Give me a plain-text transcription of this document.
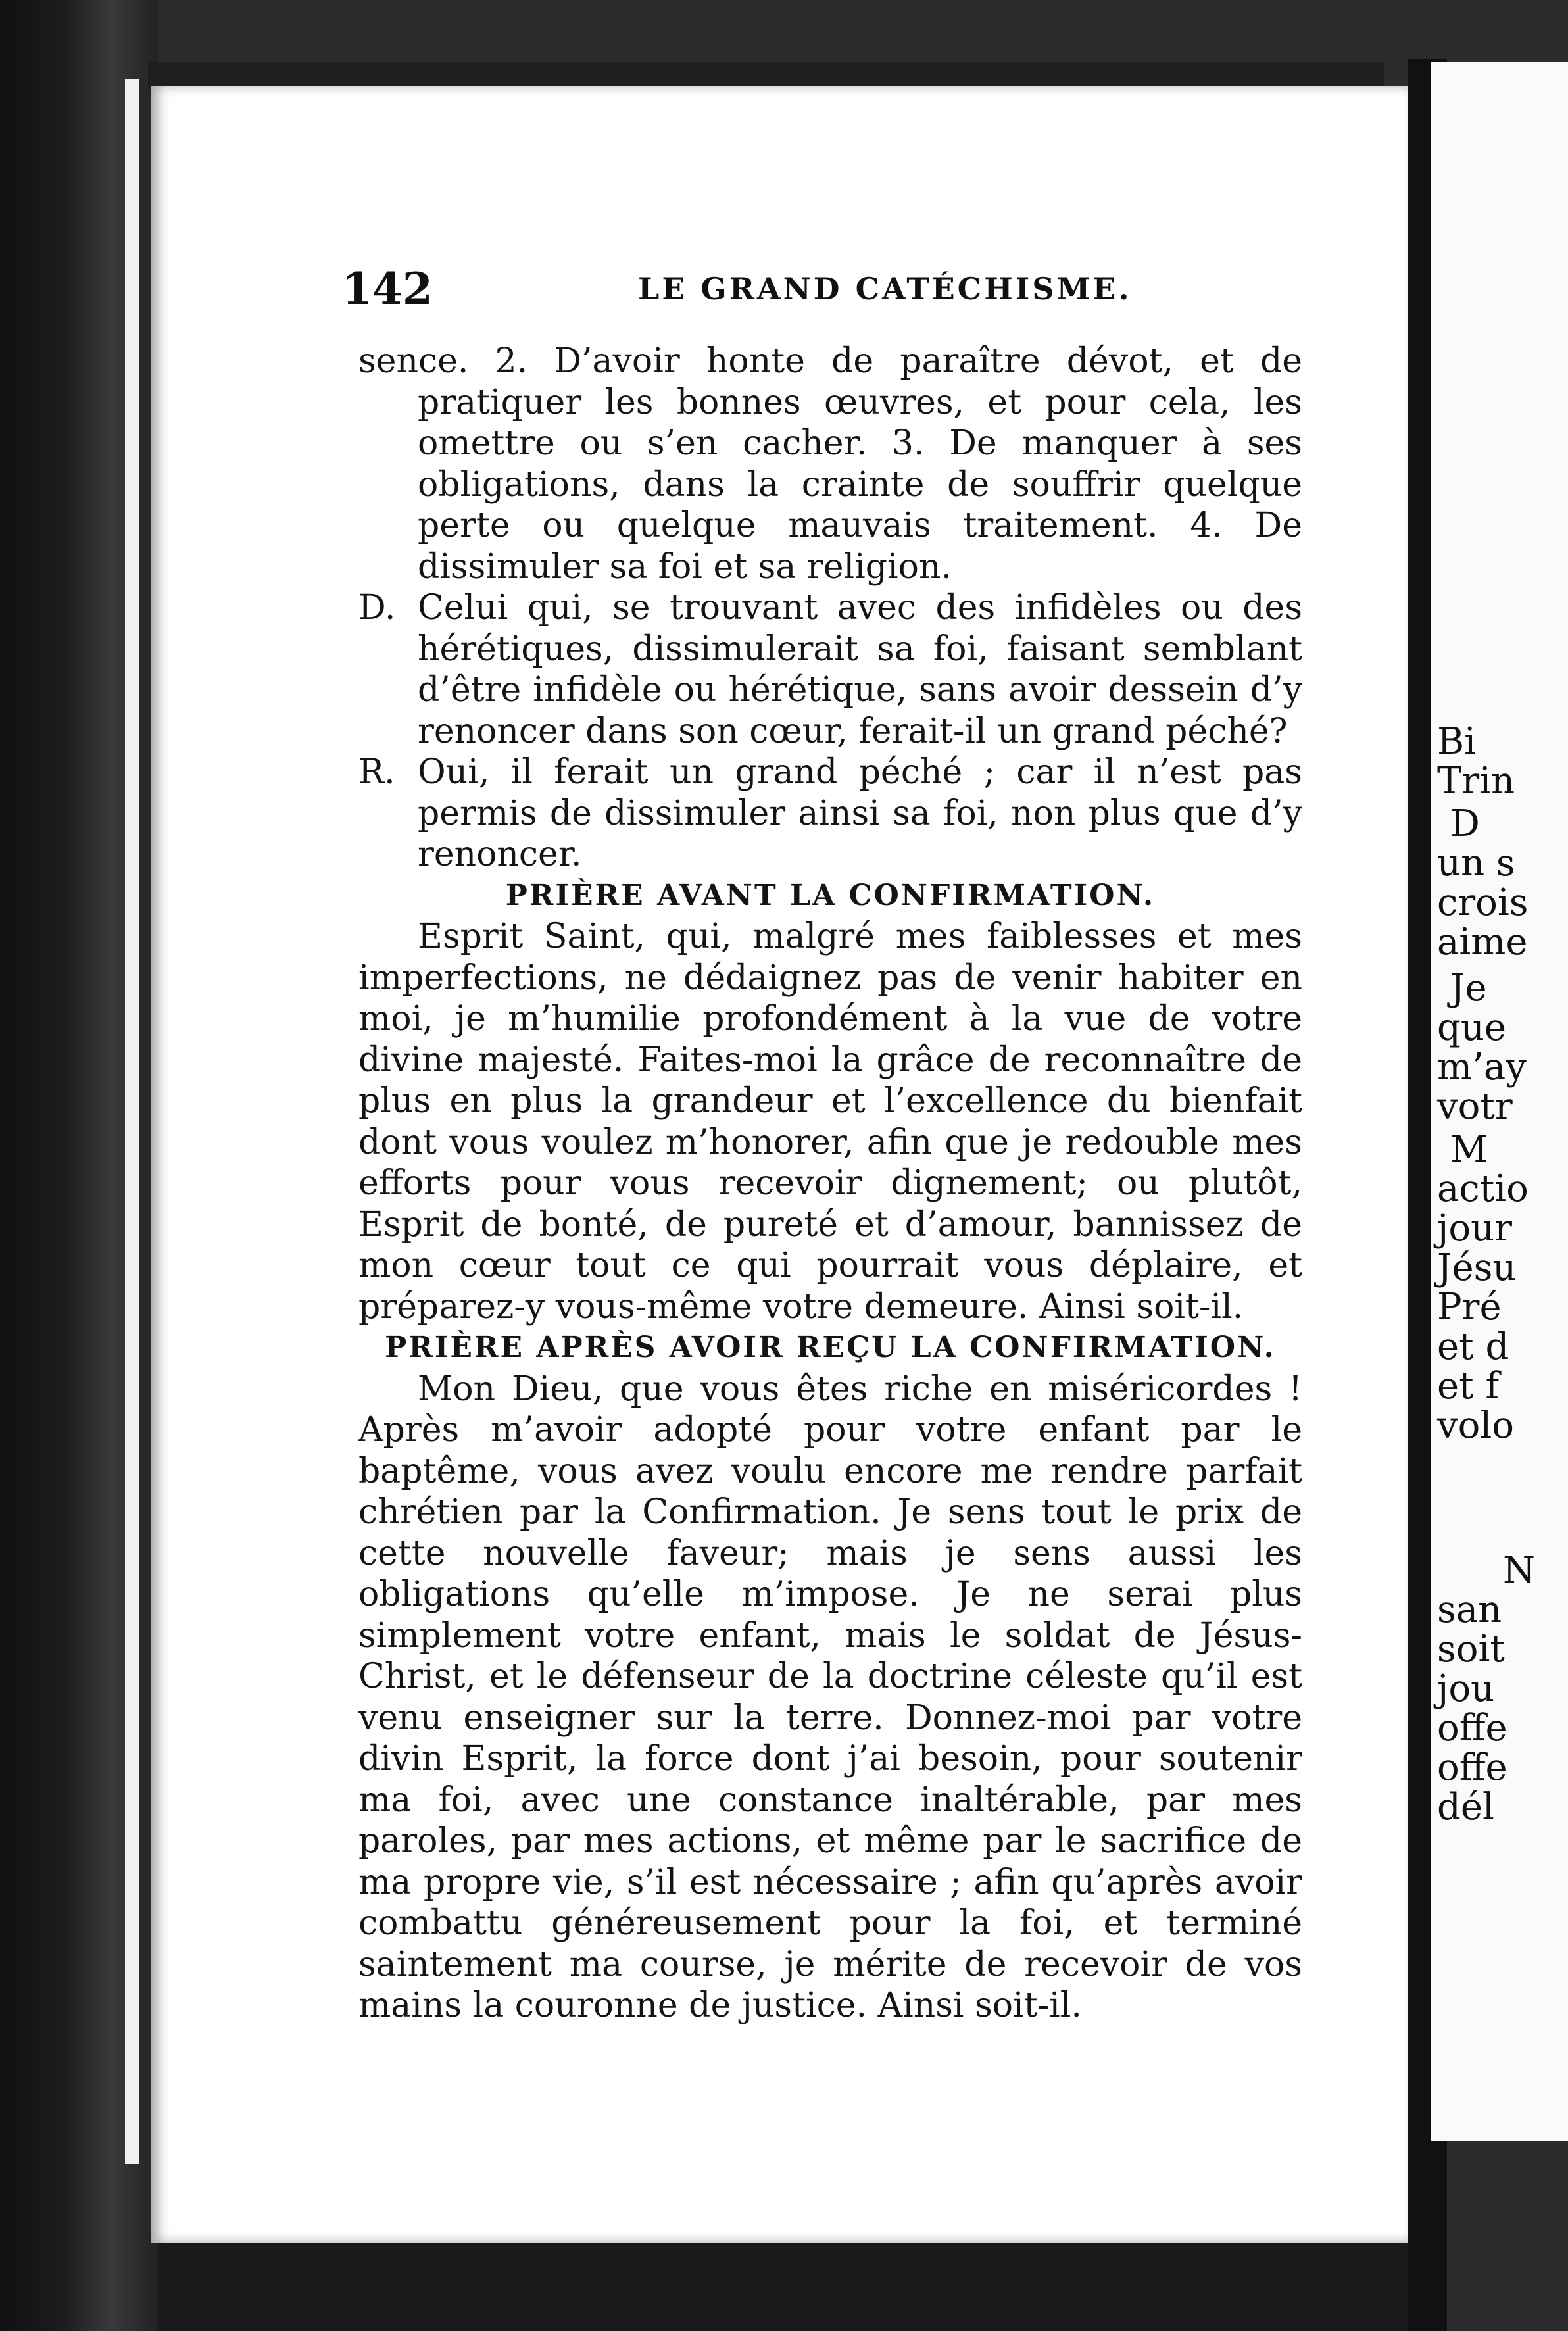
Bi
Trin
D
un s
crois
aime
Je
que
m’ay
votr
M
actio
jour
Jésu
Pré
et d
et f
volo
N
san
soit
jou
offe
offe
dél
142	LE GRAND CATÉCHISME.

sence. 2. D’avoir honte de paraître dévot, et de pratiquer les bonnes œuvres, et pour cela, les omettre ou s’en cacher. 3. De manquer à ses obligations, dans la crainte de souffrir quelque perte ou quelque mauvais traitement. 4. De dissimuler sa foi et sa religion.

D. Celui qui, se trouvant avec des infidèles ou des hérétiques, dissimulerait sa foi, faisant semblant d’être infidèle ou hérétique, sans avoir dessein d’y renoncer dans son cœur, ferait-il un grand péché?

R. Oui, il ferait un grand péché ; car il n’est pas permis de dissimuler ainsi sa foi, non plus que d’y renoncer.

PRIÈRE AVANT LA CONFIRMATION.

Esprit Saint, qui, malgré mes faiblesses et mes imperfections, ne dédaignez pas de venir habiter en moi, je m’humilie profondément à la vue de votre divine majesté. Faites-moi la grâce de reconnaître de plus en plus la grandeur et l’excellence du bienfait dont vous voulez m’honorer, afin que je redouble mes efforts pour vous recevoir dignement; ou plutôt, Esprit de bonté, de pureté et d’amour, bannissez de mon cœur tout ce qui pourrait vous déplaire, et préparez-y vous-même votre demeure. Ainsi soit-il.

PRIÈRE APRÈS AVOIR REÇU LA CONFIRMATION.

Mon Dieu, que vous êtes riche en miséricordes ! Après m’avoir adopté pour votre enfant par le baptême, vous avez voulu encore me rendre parfait chrétien par la Confirmation. Je sens tout le prix de cette nouvelle faveur; mais je sens aussi les obligations qu’elle m’impose. Je ne serai plus simplement votre enfant, mais le soldat de Jésus-Christ, et le défenseur de la doctrine céleste qu’il est venu enseigner sur la terre. Donnez-moi par votre divin Esprit, la force dont j’ai besoin, pour soutenir ma foi, avec une constance inaltérable, par mes paroles, par mes actions, et même par le sacrifice de ma propre vie, s’il est nécessaire ; afin qu’après avoir combattu généreusement pour la foi, et terminé saintement ma course, je mérite de recevoir de vos mains la couronne de justice. Ainsi soit-il.
